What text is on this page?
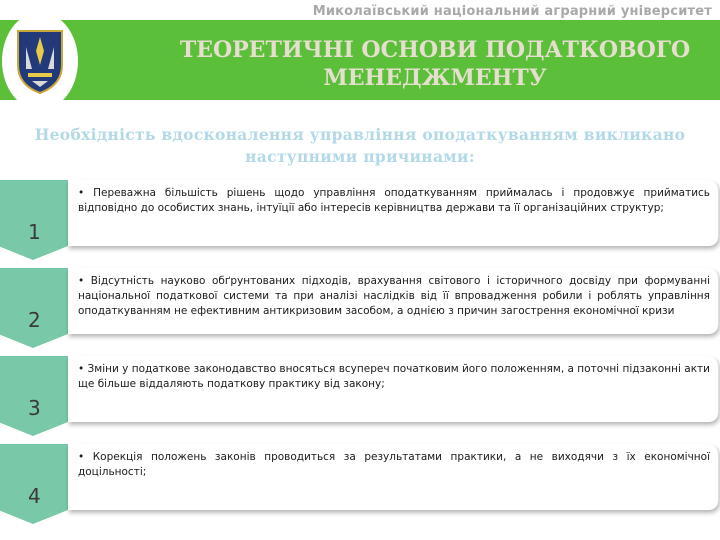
Миколаївський національний аграрний університет
ТЕОРЕТИЧНІ ОСНОВИ ПОДАТКОВОГО
МЕНЕДЖМЕНТУ
Необхідність вдосконалення управління оподаткуванням викликано
наступними причинами:
1

• Переважна більшість рішень щодо управління оподаткуванням приймалась і продовжує прийматись відповідно до особистих знань, інтуїції або інтересів керівництва держави та її організаційних структур;

2

• Відсутність науково обґрунтованих підходів, врахування світового і історичного досвіду при формуванні національної податкової системи та при аналізі наслідків від її впровадження робили і роблять управління оподаткуванням не ефективним антикризовим засобом, а однією з причин загострення економічної кризи

3

• Зміни у податкове законодавство вносяться всупереч початковим його положенням, а поточні підзаконні акти ще більше віддаляють податкову практику від закону;

4

• Корекція положень законів проводиться за результатами практики, а не виходячи з їх економічної доцільності;
